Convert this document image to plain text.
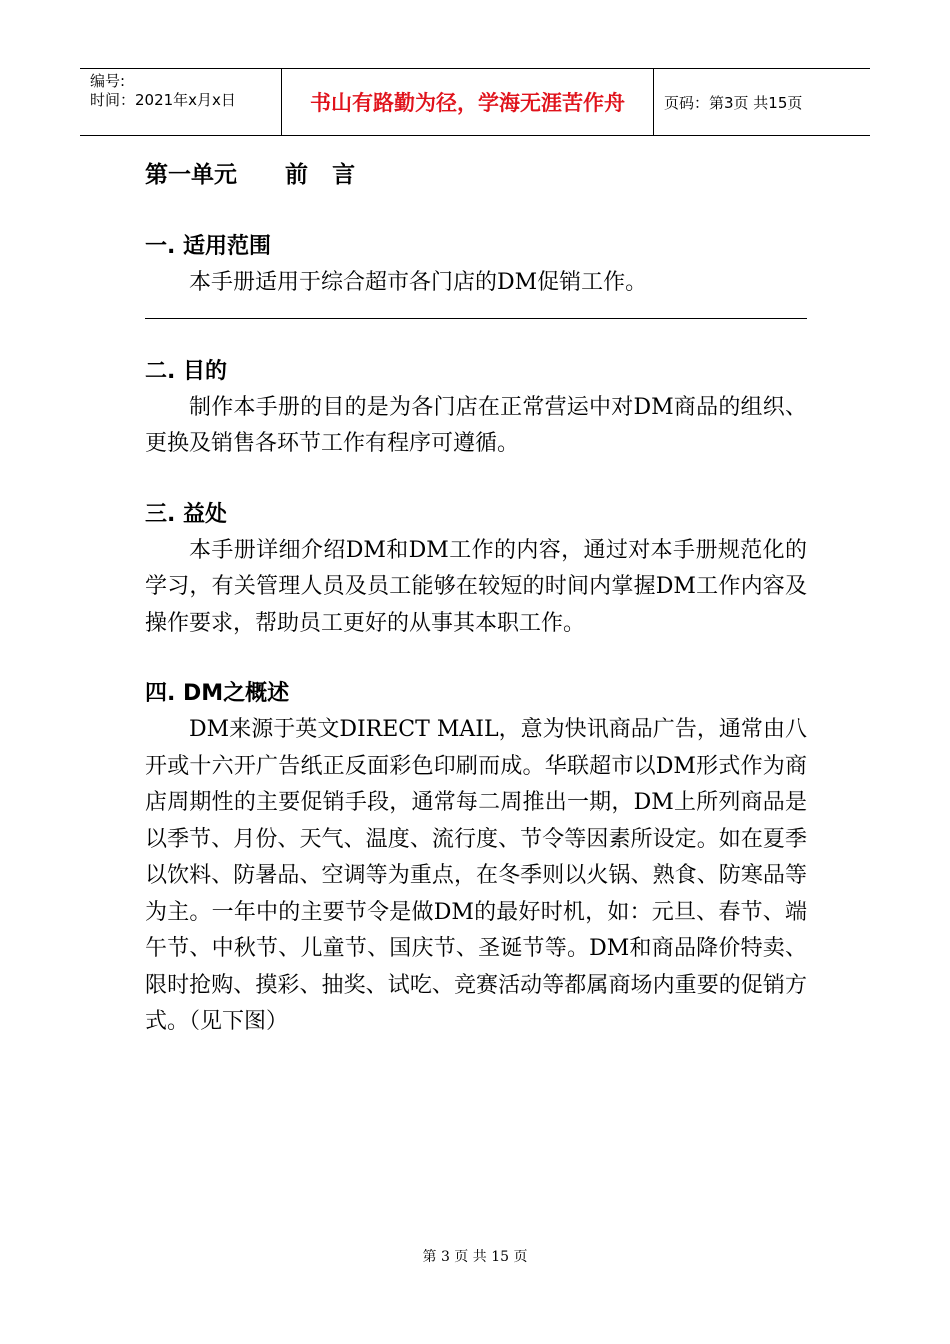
编号:
时间：2021年x月x日	书山有路勤为径，学海无涯苦作舟	页码：第3页 共15页
第一单元      前   言
一. 适用范围

本手册适用于综合超市各门店的DM促销工作。

二. 目的

制作本手册的目的是为各门店在正常营运中对DM商品的组织、更换及销售各环节工作有程序可遵循。

三. 益处

本手册详细介绍DM和DM工作的内容，通过对本手册规范化的学习，有关管理人员及员工能够在较短的时间内掌握DM工作内容及操作要求，帮助员工更好的从事其本职工作。

四. DM之概述

DM来源于英文DIRECT MAIL，意为快讯商品广告，通常由八开或十六开广告纸正反面彩色印刷而成。华联超市以DM形式作为商店周期性的主要促销手段，通常每二周推出一期，DM上所列商品是以季节、月份、天气、温度、流行度、节令等因素所设定。如在夏季以饮料、防暑品、空调等为重点，在冬季则以火锅、熟食、防寒品等为主。一年中的主要节令是做DM的最好时机，如：元旦、春节、端午节、中秋节、儿童节、国庆节、圣诞节等。DM和商品降价特卖、限时抢购、摸彩、抽奖、试吃、竞赛活动等都属商场内重要的促销方式。（见下图）

第 3 页 共 15 页
